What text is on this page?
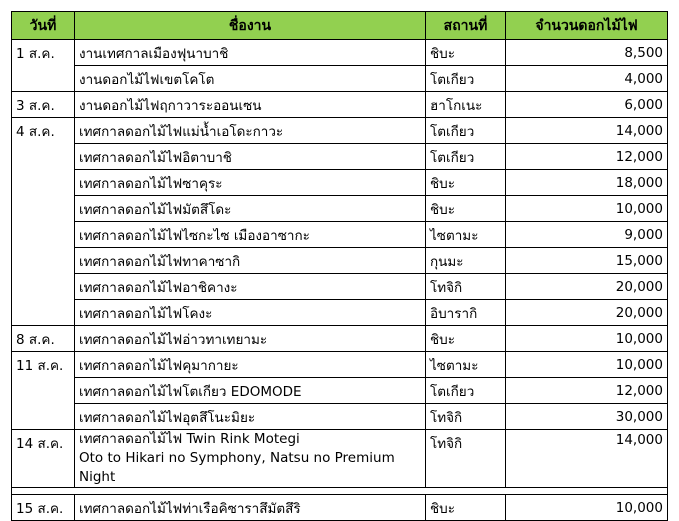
วันที่	ชื่องาน	สถานที่	จำนวนดอกไม้ไฟ
1 ส.ค.	งานเทศกาลเมืองฟุนาบาชิ	ชิบะ	8,500
	งานดอกไม้ไฟเขตโคโต	โตเกียว	4,000
3 ส.ค.	งานดอกไม้ไฟฤกาวาระออนเซน	ฮาโกเนะ	6,000
4 ส.ค.	เทศกาลดอกไม้ไฟแม่น้ำเอโดะกาวะ	โตเกียว	14,000
	เทศกาลดอกไม้ไฟอิตาบาชิ	โตเกียว	12,000
	เทศกาลดอกไม้ไฟซาคุระ	ชิบะ	18,000
	เทศกาลดอกไม้ไฟมัตสึโดะ	ชิบะ	10,000
	เทศกาลดอกไม้ไฟไซกะไซ เมืองอาซากะ	ไซตามะ	9,000
	เทศกาลดอกไม้ไฟทาคาซากิ	กุนมะ	15,000
	เทศกาลดอกไม้ไฟอาชิคางะ	โทจิกิ	20,000
	เทศกาลดอกไม้ไฟโคงะ	อิบารากิ	20,000
8 ส.ค.	เทศกาลดอกไม้ไฟอ่าวทาเทยามะ	ชิบะ	10,000
11 ส.ค.	เทศกาลดอกไม้ไฟคุมากายะ	ไซตามะ	10,000
	เทศกาลดอกไม้ไฟโตเกียว EDOMODE	โตเกียว	12,000
	เทศกาลดอกไม้ไฟอุตสึโนะมิยะ	โทจิกิ	30,000
14 ส.ค.	เทศกาลดอกไม้ไฟ Twin Rink Motegi
Oto to Hikari no Symphony, Natsu no Premium Night	โทจิกิ	14,000

15 ส.ค.	เทศกาลดอกไม้ไฟท่าเรือคิซาราสึมัตสึริ	ชิบะ	10,000
